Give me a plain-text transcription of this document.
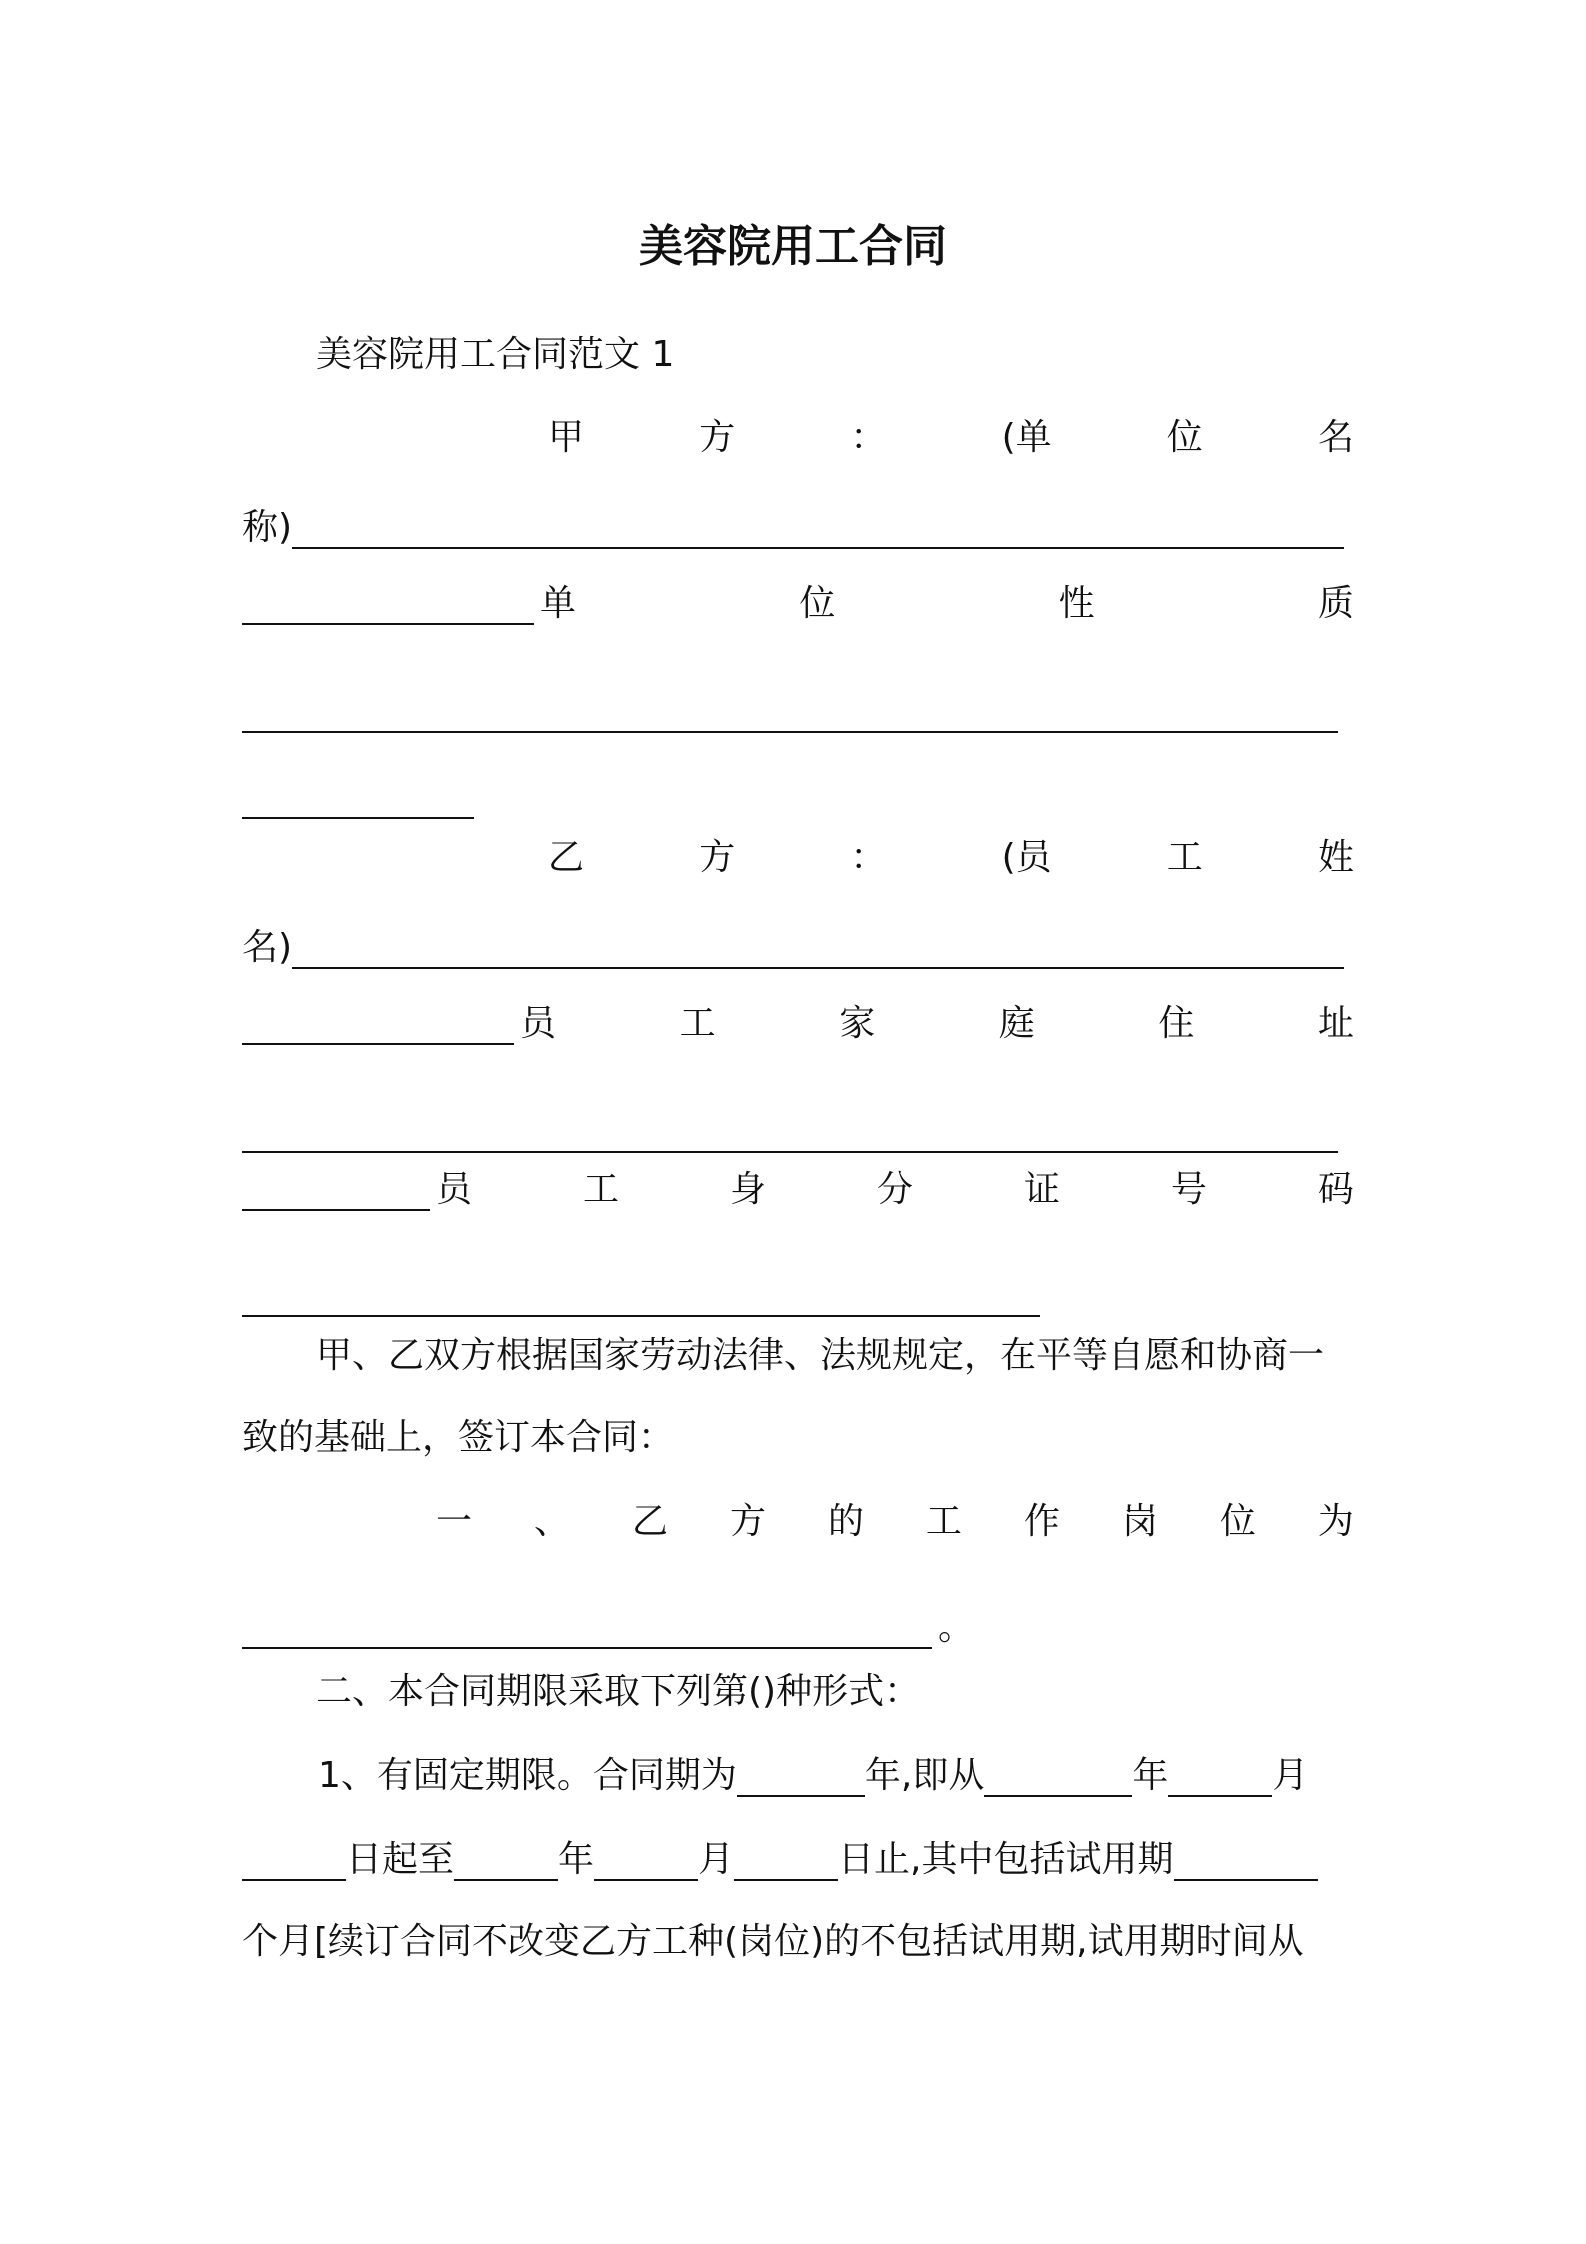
美容院用工合同
美容院用工合同范文 1
甲	方	：	(单	位	名
称)
单	位	性	质
乙	方	：	(员	工	姓
名)
员	工	家	庭	住	址
员	工	身	分	证	号	码
甲、乙双方根据国家劳动法律、法规规定，在平等自愿和协商一
致的基础上，签订本合同：
一 、 乙 方 的 工 作 岗 位 为
。
二、本合同期限采取下列第()种形式：
1、有固定期限。合同期为	年,即从	年	月
日起至	年	月	日止,其中包括试用期
个月[续订合同不改变乙方工种(岗位)的不包括试用期,试用期时间从
